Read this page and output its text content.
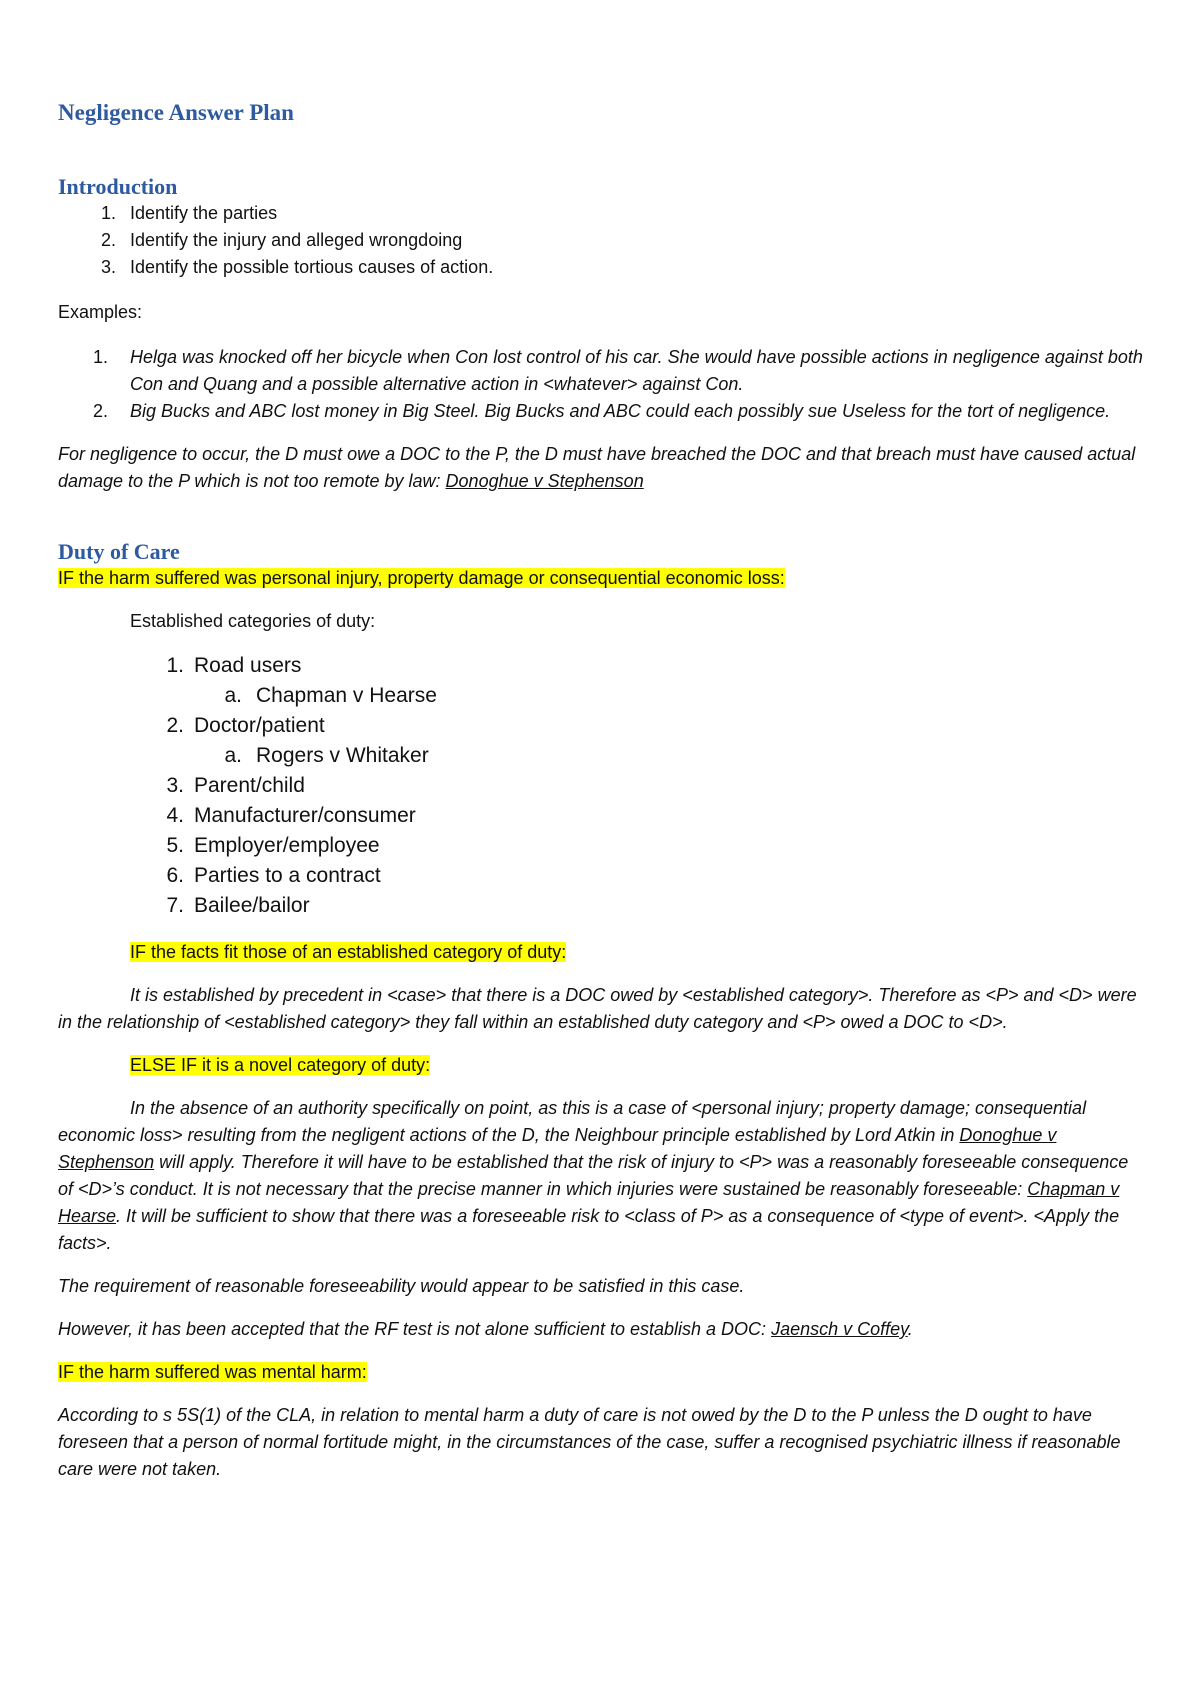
Negligence Answer Plan
Introduction
1. Identify the parties
2. Identify the injury and alleged wrongdoing
3. Identify the possible tortious causes of action.

Examples:

1.	Helga was knocked off her bicycle when Con lost control of his car. She would have possible actions in negligence against both Con and Quang and a possible alternative action in <whatever> against Con.
2.	Big Bucks and ABC lost money in Big Steel. Big Bucks and ABC could each possibly sue Useless for the tort of negligence.

For negligence to occur, the D must owe a DOC to the P, the D must have breached the DOC and that breach must have caused actual damage to the P which is not too remote by law: Donoghue v Stephenson

Duty of Care

IF the harm suffered was personal injury, property damage or consequential economic loss:

Established categories of duty:

1. Road users
a. Chapman v Hearse
2. Doctor/patient
a. Rogers v Whitaker
3. Parent/child
4. Manufacturer/consumer
5. Employer/employee
6. Parties to a contract
7. Bailee/bailor

IF the facts fit those of an established category of duty:

It is established by precedent in <case> that there is a DOC owed by <established category>. Therefore as <P> and <D> were in the relationship of <established category> they fall within an established duty category and <P> owed a DOC to <D>.

ELSE IF it is a novel category of duty:

In the absence of an authority specifically on point, as this is a case of <personal injury; property damage; consequential economic loss> resulting from the negligent actions of the D, the Neighbour principle established by Lord Atkin in Donoghue v Stephenson will apply. Therefore it will have to be established that the risk of injury to <P> was a reasonably foreseeable consequence of <D>’s conduct. It is not necessary that the precise manner in which injuries were sustained be reasonably foreseeable: Chapman v Hearse. It will be sufficient to show that there was a foreseeable risk to <class of P> as a consequence of <type of event>. <Apply the facts>.

The requirement of reasonable foreseeability would appear to be satisfied in this case.

However, it has been accepted that the RF test is not alone sufficient to establish a DOC: Jaensch v Coffey.

IF the harm suffered was mental harm:

According to s 5S(1) of the CLA, in relation to mental harm a duty of care is not owed by the D to the P unless the D ought to have foreseen that a person of normal fortitude might, in the circumstances of the case, suffer a recognised psychiatric illness if reasonable care were not taken.
